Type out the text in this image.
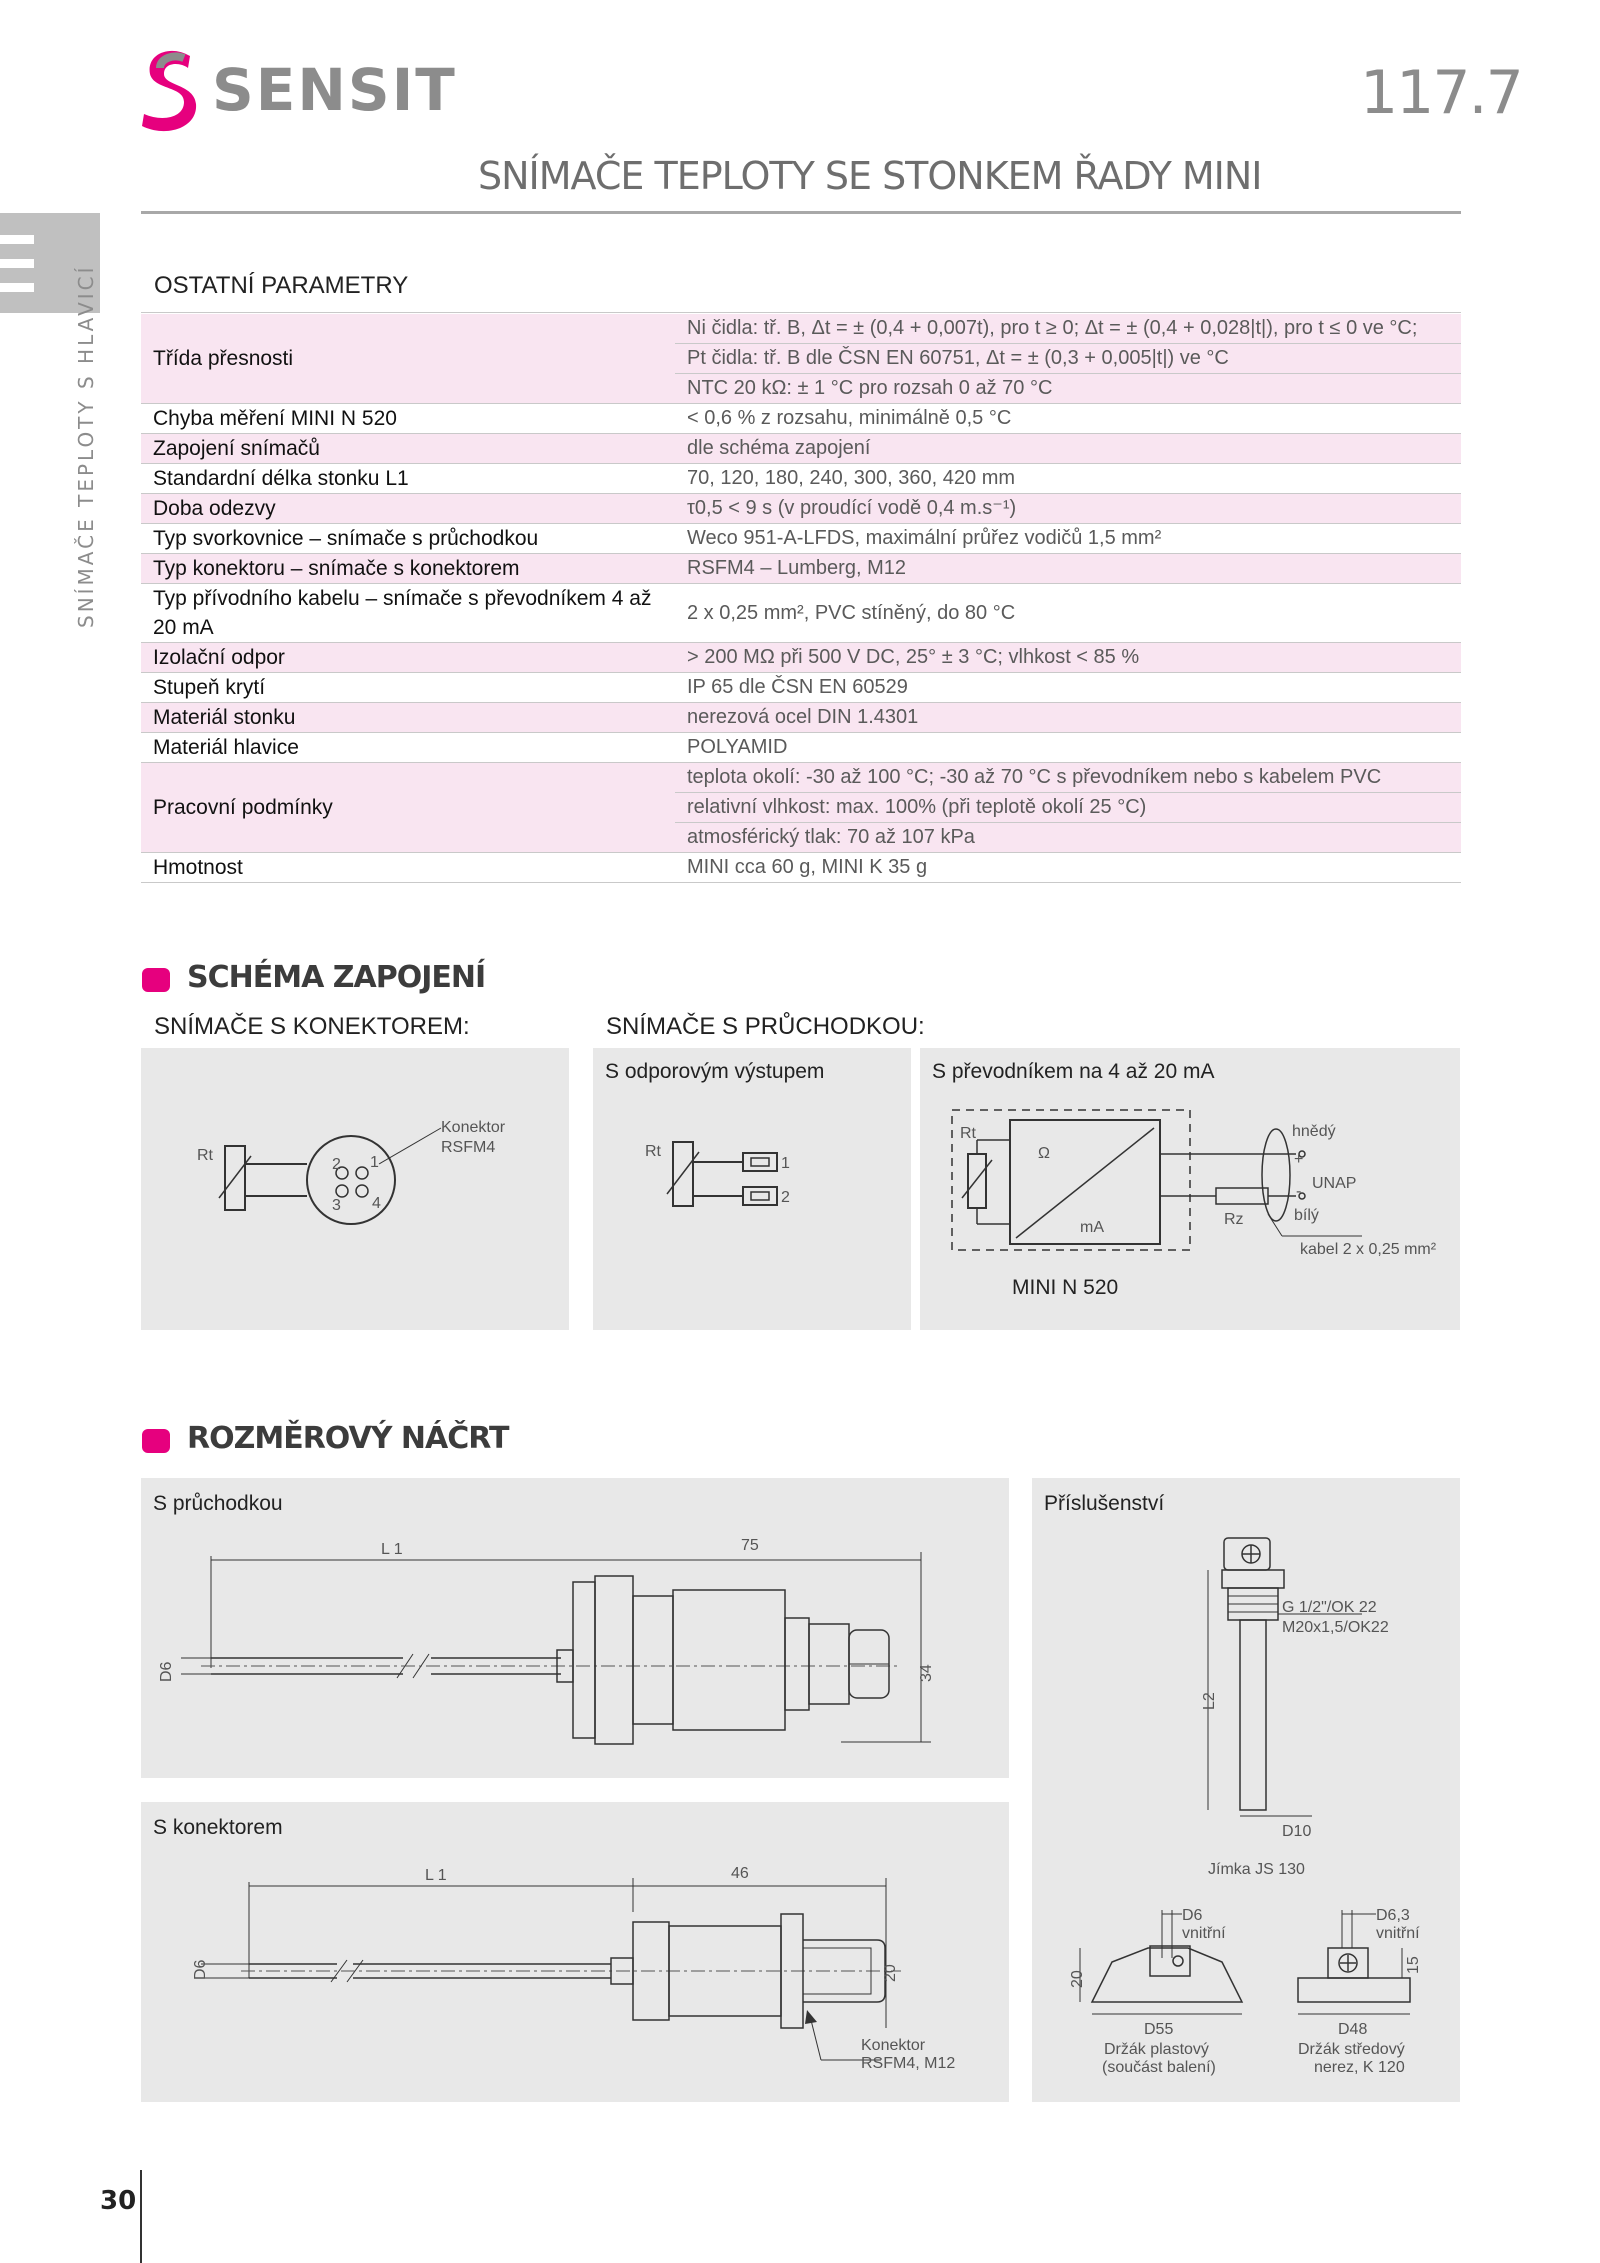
SENSIT	117.7
SNÍMAČE TEPLOTY SE STONKEM ŘADY MINI
SNÍMAČE TEPLOTY S HLAVICÍ OSTATNÍ PARAMETRY
Třída přesnosti	Ni čidla: tř. B, Δt = ± (0,4 + 0,007t), pro t ≥ 0; Δt = ± (0,4 + 0,028|t|), pro t ≤ 0 ve °C;
	Pt čidla: tř. B dle ČSN EN 60751, Δt = ± (0,3 + 0,005|t|) ve °C
	NTC 20 kΩ: ± 1 °C pro rozsah 0 až 70 °C
Chyba měření MINI N 520	< 0,6 % z rozsahu, minimálně 0,5 °C
Zapojení snímačů	dle schéma zapojení
Standardní délka stonku L1	70, 120, 180, 240, 300, 360, 420 mm
Doba odezvy	τ0,5 < 9 s (v proudící vodě 0,4 m.s⁻¹)
Typ svorkovnice – snímače s průchodkou	Weco 951-A-LFDS, maximální průřez vodičů 1,5 mm²
Typ konektoru – snímače s konektorem	RSFM4 – Lumberg, M12
Typ přívodního kabelu – snímače s převodníkem 4 až 20 mA	2 x 0,25 mm², PVC stíněný, do 80 °C
Izolační odpor	> 200 MΩ při 500 V DC, 25° ± 3 °C; vlhkost < 85 %
Stupeň krytí	IP 65 dle ČSN EN 60529
Materiál stonku	nerezová ocel DIN 1.4301
Materiál hlavice	POLYAMID
Pracovní podmínky	teplota okolí: -30 až 100 °C; -30 až 70 °C s převodníkem nebo s kabelem PVC
	relativní vlhkost: max. 100% (při teplotě okolí 25 °C)
	atmosférický tlak: 70 až 107 kPa
Hmotnost	MINI cca 60 g, MINI K 35 g
SCHÉMA ZAPOJENÍ
SNÍMAČE S KONEKTOREM:	SNÍMAČE S PRŮCHODKOU:
Rt
2 1
3 4
Konektor
RSFM4
S odporovým výstupem
Rt
1
2
S převodníkem na 4 až 20 mA
Rt
Ω
mA	Rz
+
-
hnědý
bílý
UNAP
kabel 2 x 0,25 mm²
MINI N 520
ROZMĚROVÝ NÁČRT
S průchodkou
L 1	75
D6	34
S konektorem
L 1	46
D6	20
Konektor
RSFM4, M12
Příslušenství
G 1/2"/OK 22
M20x1,5/OK22
L2
D10
Jímka JS 130
D6
vnitřní
20
D55
Držák plastový
(součást balení)
D6,3
vnitřní
15
D48
Držák středový
nerez, K 120
30
